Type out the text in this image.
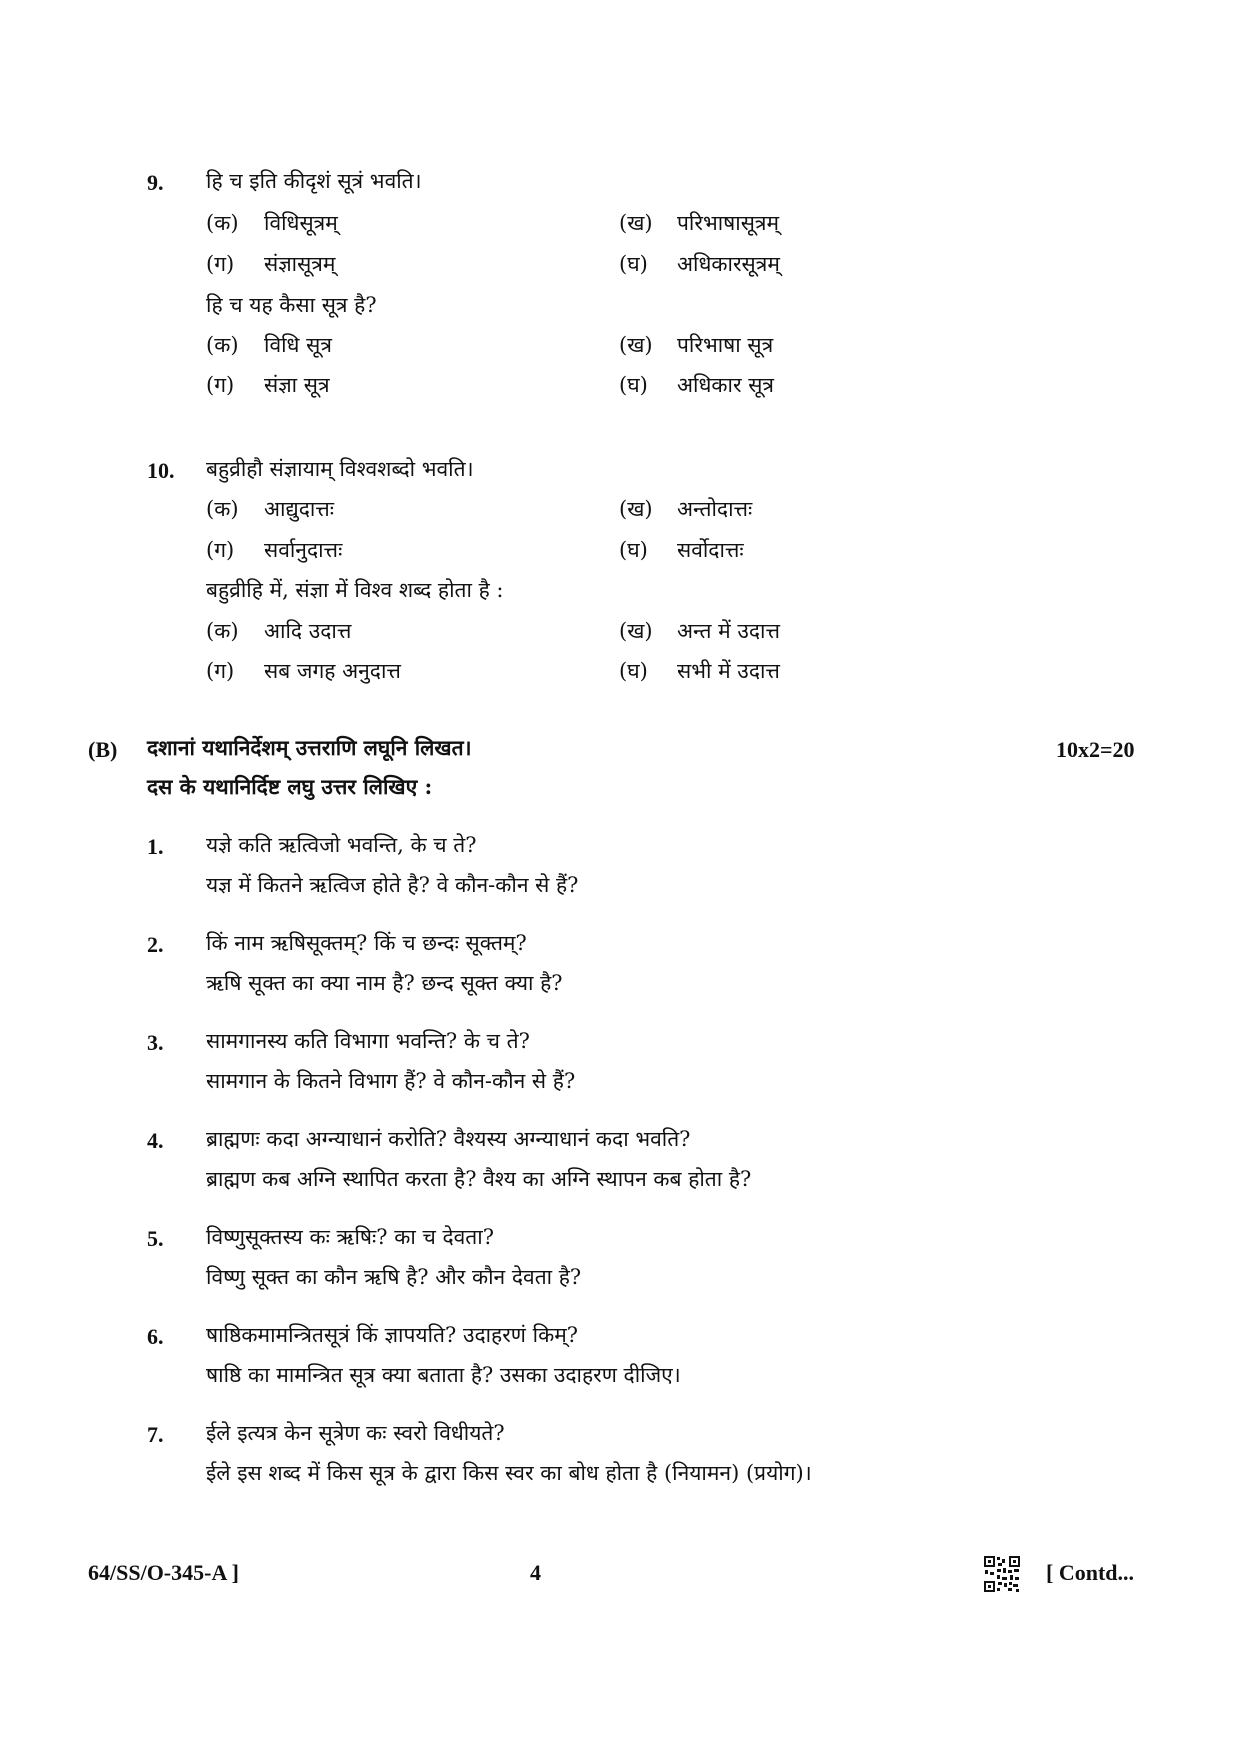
9. हि च इति कीदृशं सूत्रं भवति।
(क) विधिसूत्रम्	(ख) परिभाषासूत्रम्
(ग) संज्ञासूत्रम्	(घ) अधिकारसूत्रम्
हि च यह कैसा सूत्र है?
(क) विधि सूत्र	(ख) परिभाषा सूत्र
(ग) संज्ञा सूत्र	(घ) अधिकार सूत्र
10. बहुव्रीहौ संज्ञायाम् विश्वशब्दो भवति।
(क) आद्युदात्तः	(ख) अन्तोदात्तः
(ग) सर्वानुदात्तः	(घ) सर्वोदात्तः
बहुव्रीहि में, संज्ञा में विश्व शब्द होता है :
(क) आदि उदात्त	(ख) अन्त में उदात्त
(ग) सब जगह अनुदात्त	(घ) सभी में उदात्त
(B) दशानां यथानिर्देशम् उत्तराणि लघूनि लिखत।	10x2=20
दस के यथानिर्दिष्ट लघु उत्तर लिखिए :
1. यज्ञे कति ऋत्विजो भवन्ति, के च ते?
यज्ञ में कितने ऋत्विज होते है? वे कौन-कौन से हैं?
2. किं नाम ऋषिसूक्तम्? किं च छन्दः सूक्तम्?
ऋषि सूक्त का क्या नाम है? छन्द सूक्त क्या है?
3. सामगानस्य कति विभागा भवन्ति? के च ते?
सामगान के कितने विभाग हैं? वे कौन-कौन से हैं?
4. ब्राह्मणः कदा अग्न्याधानं करोति? वैश्यस्य अग्न्याधानं कदा भवति?
ब्राह्मण कब अग्नि स्थापित करता है? वैश्य का अग्नि स्थापन कब होता है?
5. विष्णुसूक्तस्य कः ऋषिः? का च देवता?
विष्णु सूक्त का कौन ऋषि है? और कौन देवता है?
6. षाष्ठिकमामन्त्रितसूत्रं किं ज्ञापयति? उदाहरणं किम्?
षाष्ठि का मामन्त्रित सूत्र क्या बताता है? उसका उदाहरण दीजिए।
7. ईले इत्यत्र केन सूत्रेण कः स्वरो विधीयते?
ईले इस शब्द में किस सूत्र के द्वारा किस स्वर का बोध होता है (नियामन) (प्रयोग)।
64/SS/O-345-A ]	4	[ Contd...
